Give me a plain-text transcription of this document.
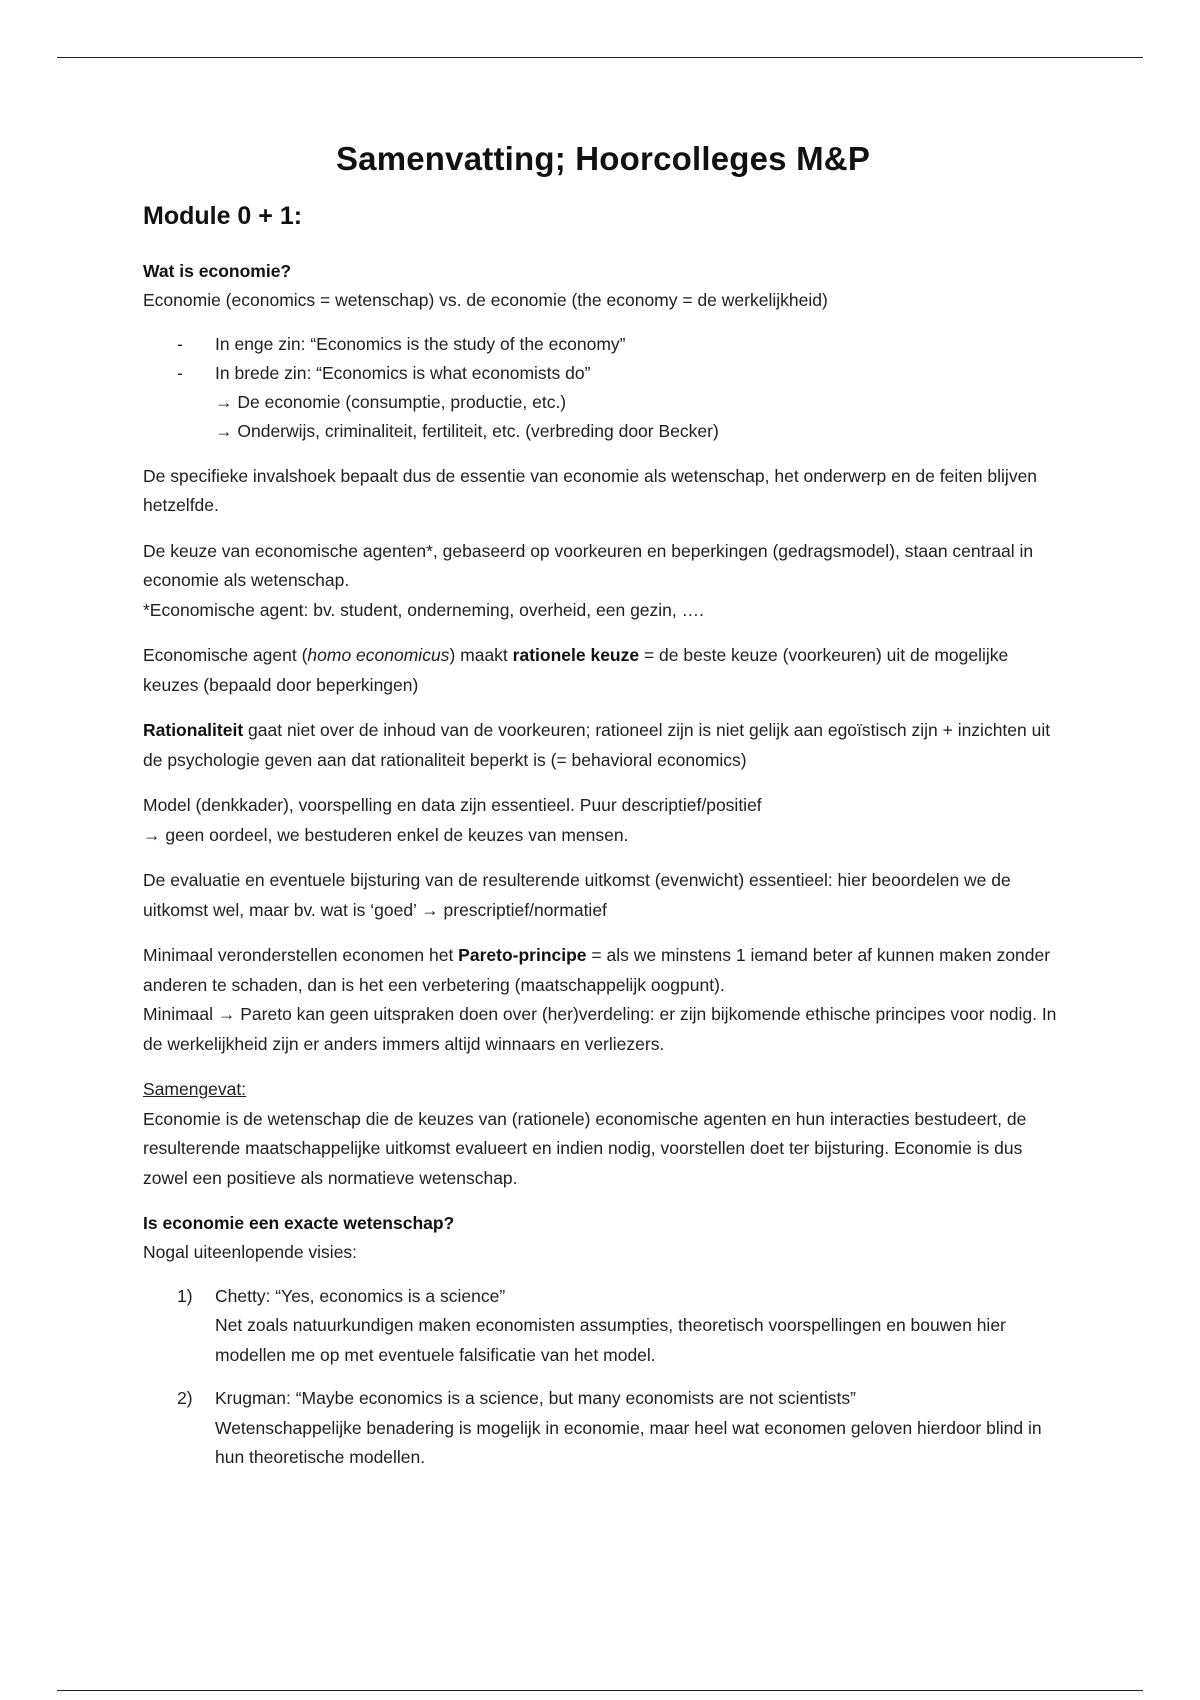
Samenvatting; Hoorcolleges M&P
Module 0 + 1:
Wat is economie?

Economie (economics = wetenschap) vs. de economie (the economy = de werkelijkheid)

- In enge zin: “Economics is the study of the economy”
- In brede zin: “Economics is what economists do”
→ De economie (consumptie, productie, etc.)
→ Onderwijs, criminaliteit, fertiliteit, etc. (verbreding door Becker)

De specifieke invalshoek bepaalt dus de essentie van economie als wetenschap, het onderwerp en de feiten blijven hetzelfde.

De keuze van economische agenten*, gebaseerd op voorkeuren en beperkingen (gedragsmodel), staan centraal in economie als wetenschap.
*Economische agent: bv. student, onderneming, overheid, een gezin, ….

Economische agent (homo economicus) maakt rationele keuze = de beste keuze (voorkeuren) uit de mogelijke keuzes (bepaald door beperkingen)

Rationaliteit gaat niet over de inhoud van de voorkeuren; rationeel zijn is niet gelijk aan egoïstisch zijn + inzichten uit de psychologie geven aan dat rationaliteit beperkt is (= behavioral economics)

Model (denkkader), voorspelling en data zijn essentieel. Puur descriptief/positief
→ geen oordeel, we bestuderen enkel de keuzes van mensen.

De evaluatie en eventuele bijsturing van de resulterende uitkomst (evenwicht) essentieel: hier beoordelen we de uitkomst wel, maar bv. wat is ‘goed’ → prescriptief/normatief

Minimaal veronderstellen economen het Pareto-principe = als we minstens 1 iemand beter af kunnen maken zonder anderen te schaden, dan is het een verbetering (maatschappelijk oogpunt).
Minimaal → Pareto kan geen uitspraken doen over (her)verdeling: er zijn bijkomende ethische principes voor nodig. In de werkelijkheid zijn er anders immers altijd winnaars en verliezers.

Samengevat:
Economie is de wetenschap die de keuzes van (rationele) economische agenten en hun interacties bestudeert, de resulterende maatschappelijke uitkomst evalueert en indien nodig, voorstellen doet ter bijsturing. Economie is dus zowel een positieve als normatieve wetenschap.

Is economie een exacte wetenschap?

Nogal uiteenlopende visies:

1) Chetty: “Yes, economics is a science”
Net zoals natuurkundigen maken economisten assumpties, theoretisch voorspellingen en bouwen hier modellen me op met eventuele falsificatie van het model.
2) Krugman: “Maybe economics is a science, but many economists are not scientists”
Wetenschappelijke benadering is mogelijk in economie, maar heel wat economen geloven hierdoor blind in hun theoretische modellen.
